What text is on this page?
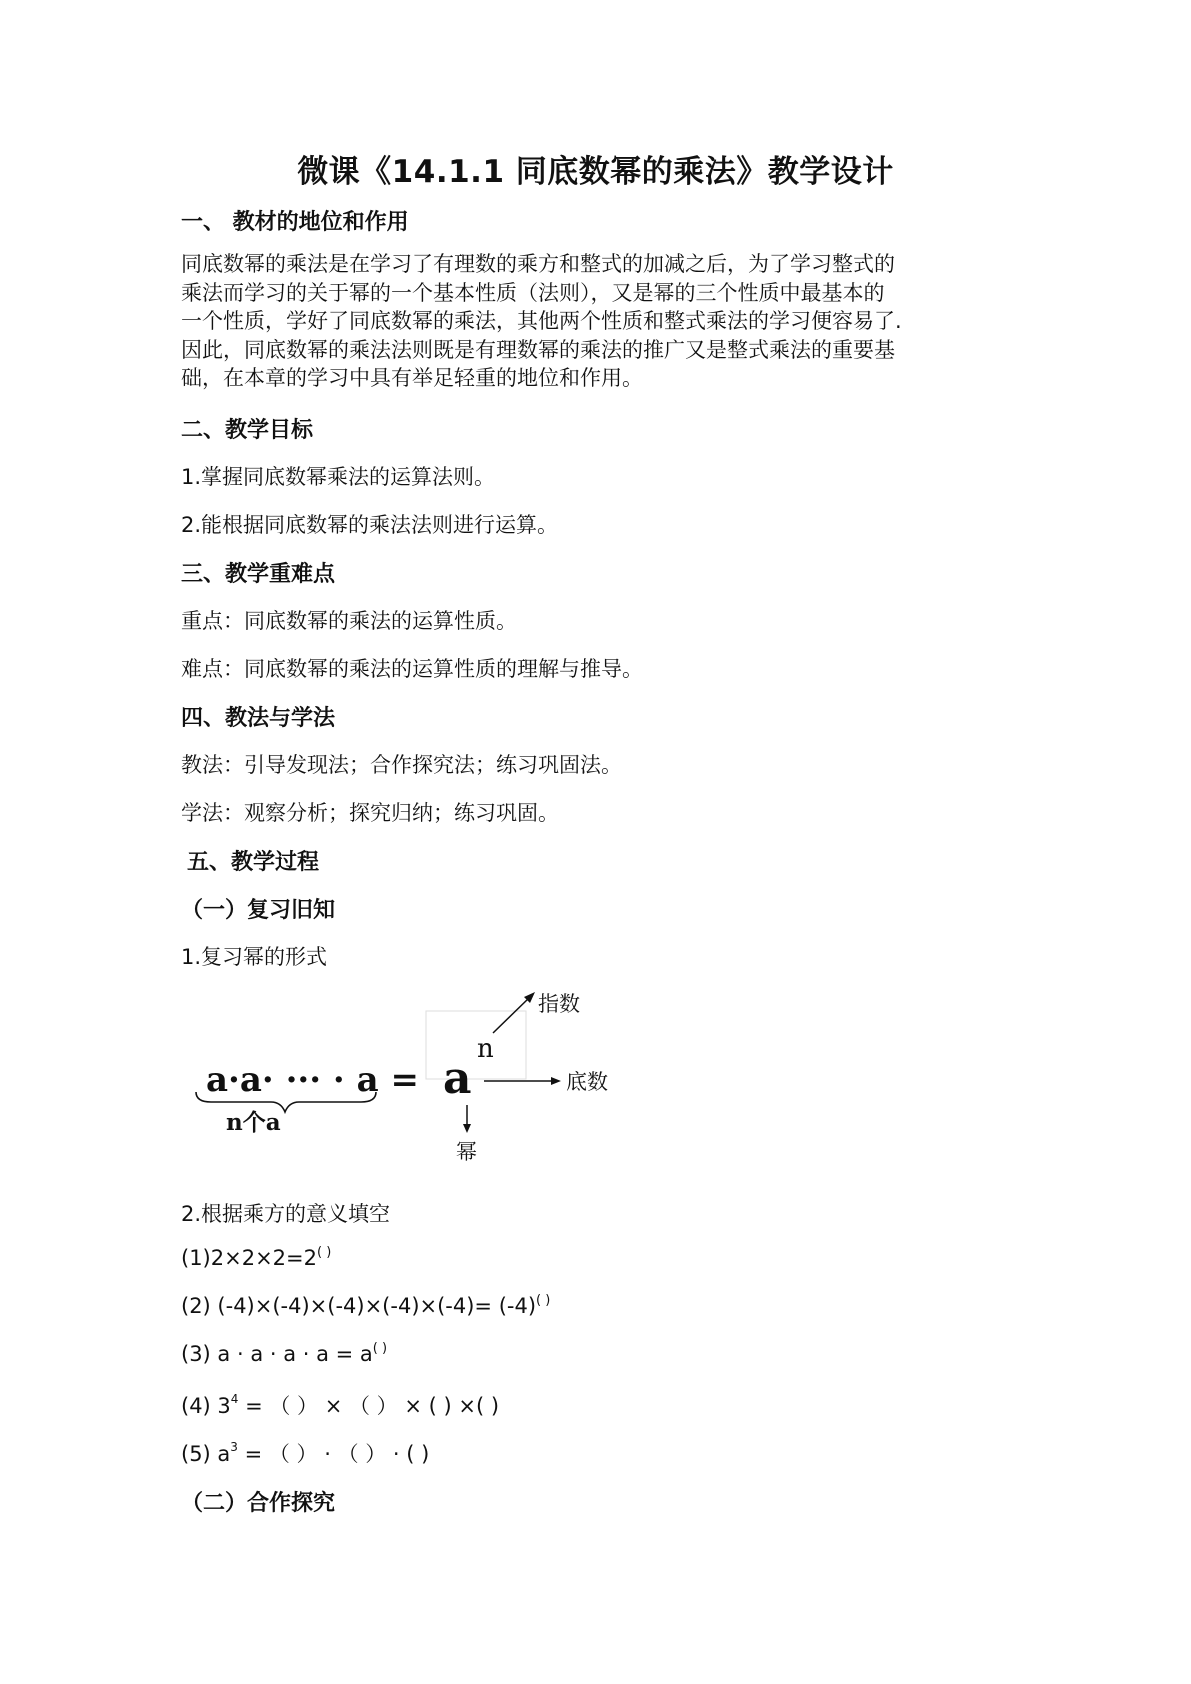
微课《14.1.1 同底数幂的乘法》教学设计
一、 教材的地位和作用
同底数幂的乘法是在学习了有理数的乘方和整式的加减之后，为了学习整式的
乘法而学习的关于幂的一个基本性质（法则），又是幂的三个性质中最基本的
一个性质，学好了同底数幂的乘法，其他两个性质和整式乘法的学习便容易了.
因此，同底数幂的乘法法则既是有理数幂的乘法的推广又是整式乘法的重要基
础，在本章的学习中具有举足轻重的地位和作用。
二、教学目标
1.掌握同底数幂乘法的运算法则。
2.能根据同底数幂的乘法法则进行运算。
三、教学重难点
重点：同底数幂的乘法的运算性质。
难点：同底数幂的乘法的运算性质的理解与推导。
四、教法与学法
教法：引导发现法；合作探究法；练习巩固法。
学法：观察分析；探究归纳；练习巩固。
五、教学过程
（一）复习旧知
1.复习幂的形式
a·a· ··· · a =
n个a
a
n
指数
底数
幂
2.根据乘方的意义填空
(1)2×2×2=2( )
(2) (-4)×(-4)×(-4)×(-4)×(-4)= (-4)( )
(3) a · a · a · a = a( )
(4) $3^4$ = （ ） × （ ） × ( ) ×( )
(5) $a^3$ = （ ） · （ ） · ( )
（二）合作探究
